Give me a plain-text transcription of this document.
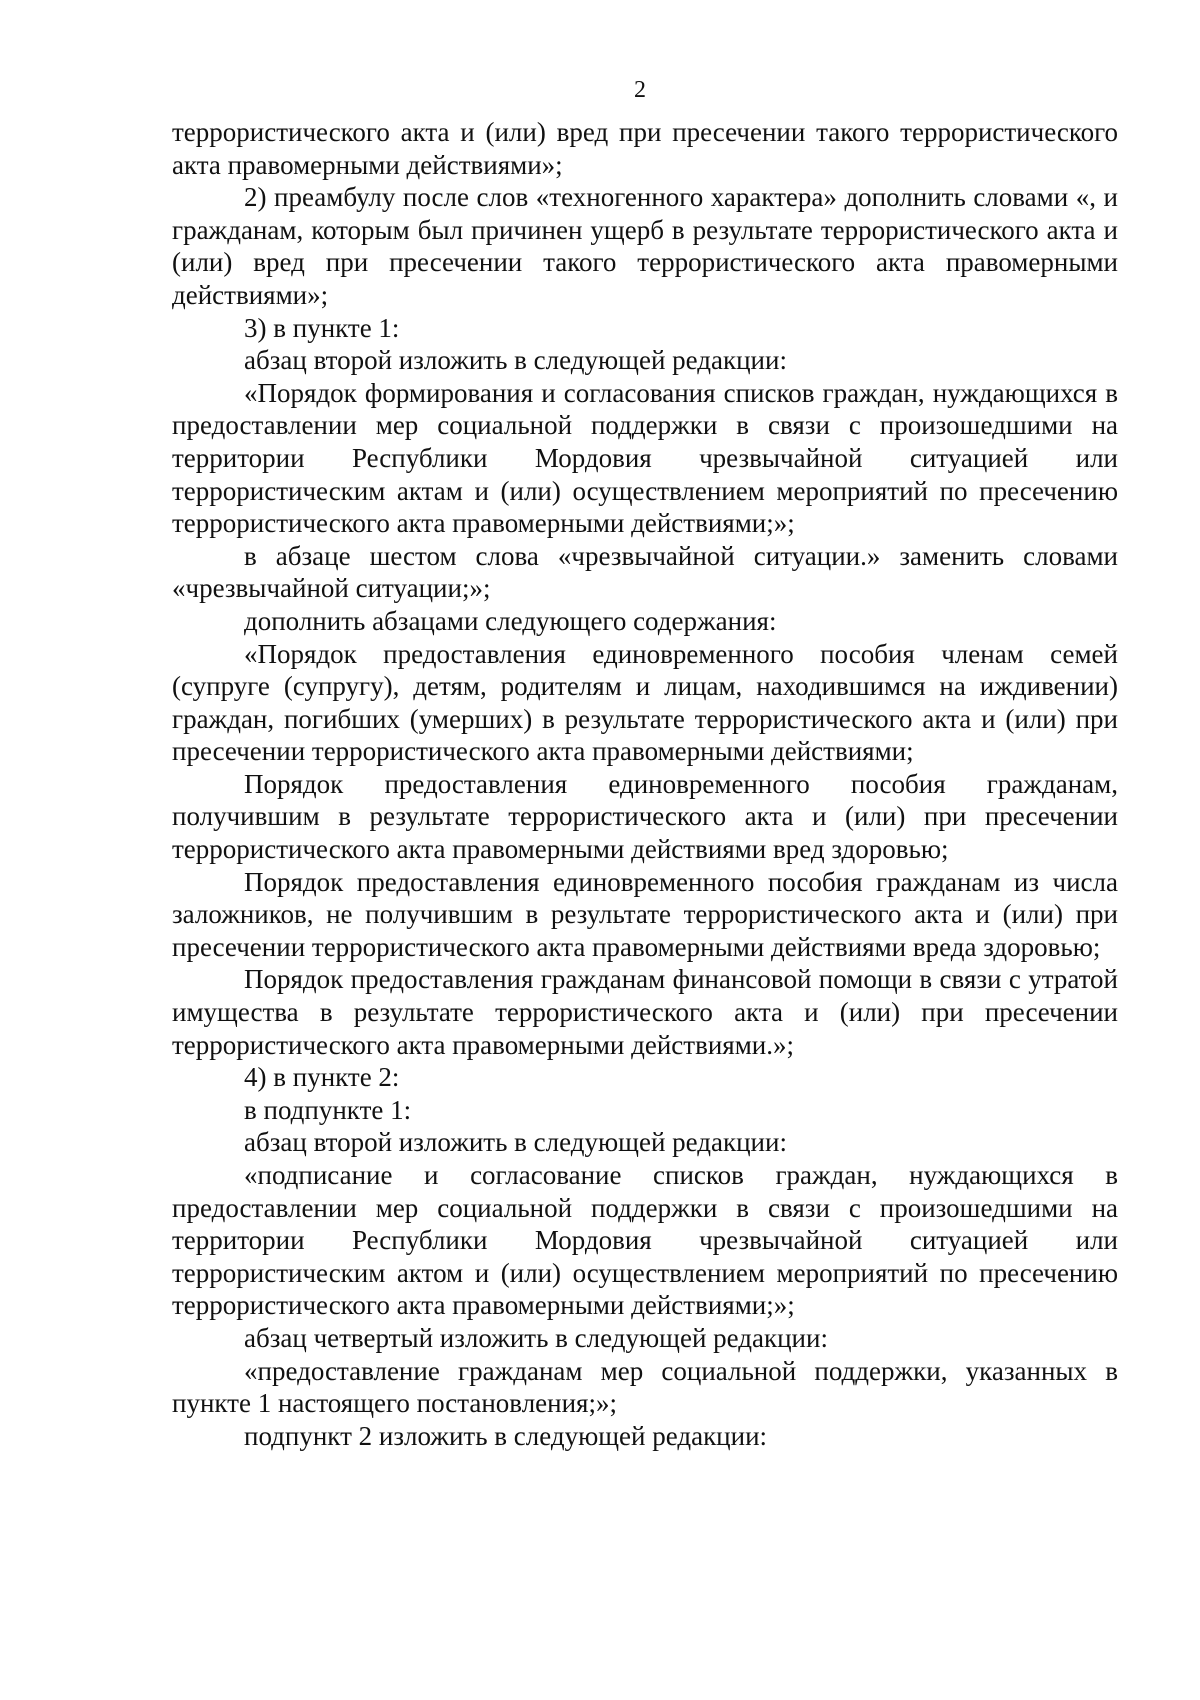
2

террористического акта и (или) вред при пресечении такого террористического акта правомерными действиями»;

2) преамбулу после слов «техногенного характера» дополнить словами «, и гражданам, которым был причинен ущерб в результате террористического акта и (или) вред при пресечении такого террористического акта правомерными действиями»;

3) в пункте 1:

абзац второй изложить в следующей редакции:

«Порядок формирования и согласования списков граждан, нуждающихся в предоставлении мер социальной поддержки в связи с произошедшими на территории Республики Мордовия чрезвычайной ситуацией или террористическим актам и (или) осуществлением мероприятий по пресечению террористического акта правомерными действиями;»;

в абзаце шестом слова «чрезвычайной ситуации.» заменить словами «чрезвычайной ситуации;»;

дополнить абзацами следующего содержания:

«Порядок предоставления единовременного пособия членам семей (супруге (супругу), детям, родителям и лицам, находившимся на иждивении) граждан, погибших (умерших) в результате террористического акта и (или) при пресечении террористического акта правомерными действиями;

Порядок предоставления единовременного пособия гражданам, получившим в результате террористического акта и (или) при пресечении террористического акта правомерными действиями вред здоровью;

Порядок предоставления единовременного пособия гражданам из числа заложников, не получившим в результате террористического акта и (или) при пресечении террористического акта правомерными действиями вреда здоровью;

Порядок предоставления гражданам финансовой помощи в связи с утратой имущества в результате террористического акта и (или) при пресечении террористического акта правомерными действиями.»;

4) в пункте 2:

в подпункте 1:

абзац второй изложить в следующей редакции:

«подписание и согласование списков граждан, нуждающихся в предоставлении мер социальной поддержки в связи с произошедшими на территории Республики Мордовия чрезвычайной ситуацией или террористическим актом и (или) осуществлением мероприятий по пресечению террористического акта правомерными действиями;»;

абзац четвертый изложить в следующей редакции:

«предоставление гражданам мер социальной поддержки, указанных в пункте 1 настоящего постановления;»;

подпункт 2 изложить в следующей редакции:
